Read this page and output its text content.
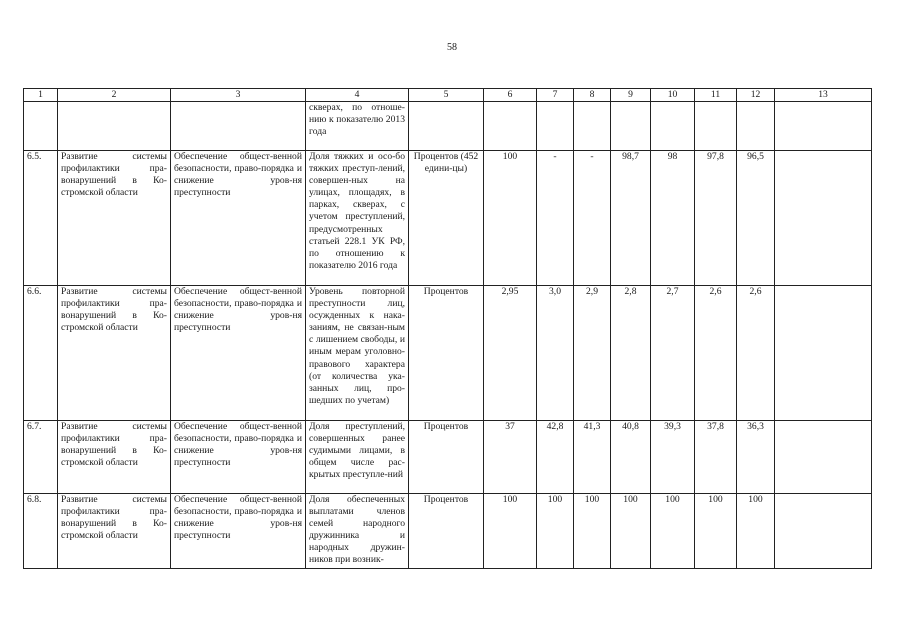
58
1	2	3	4	5	6	7	8	9	10	11	12	13
			скверах, по отноше-нию к показателю 2013 года									
6.5.	Развитие системы профилактики пра-вонарушений в Ко-стромской области	Обеспечение общест-венной безопасности, право-порядка и снижение уров-ня преступности	Доля тяжких и осо-бо тяжких преступ-лений, совершен-ных на улицах, площадях, в парках, скверах, с учетом преступлений, предусмотренных статьей 228.1 УК РФ, по отношению к показателю 2016 года	Процентов (452 едини-цы)	100	-	-	98,7	98	97,8	96,5	
6.6.	Развитие системы профилактики пра-вонарушений в Ко-стромской области	Обеспечение общест-венной безопасности, право-порядка и снижение уров-ня преступности	Уровень повторной преступности лиц, осужденных к нака-заниям, не связан-ным с лишением свободы, и иным мерам уголовно-правового характера (от количества ука-занных лиц, про-шедших по учетам)	Процентов	2,95	3,0	2,9	2,8	2,7	2,6	2,6	
6.7.	Развитие системы профилактики пра-вонарушений в Ко-стромской области	Обеспечение общест-венной безопасности, право-порядка и снижение уров-ня преступности	Доля преступлений, совершенных ранее судимыми лицами, в общем числе рас-крытых преступле-ний	Процентов	37	42,8	41,3	40,8	39,3	37,8	36,3	
6.8.	Развитие системы профилактики пра-вонарушений в Ко-стромской области	Обеспечение общест-венной безопасности, право-порядка и снижение уров-ня преступности	Доля обеспеченных выплатами членов семей народного дружинника и народных дружин-ников при возник-	Процентов	100	100	100	100	100	100	100	
